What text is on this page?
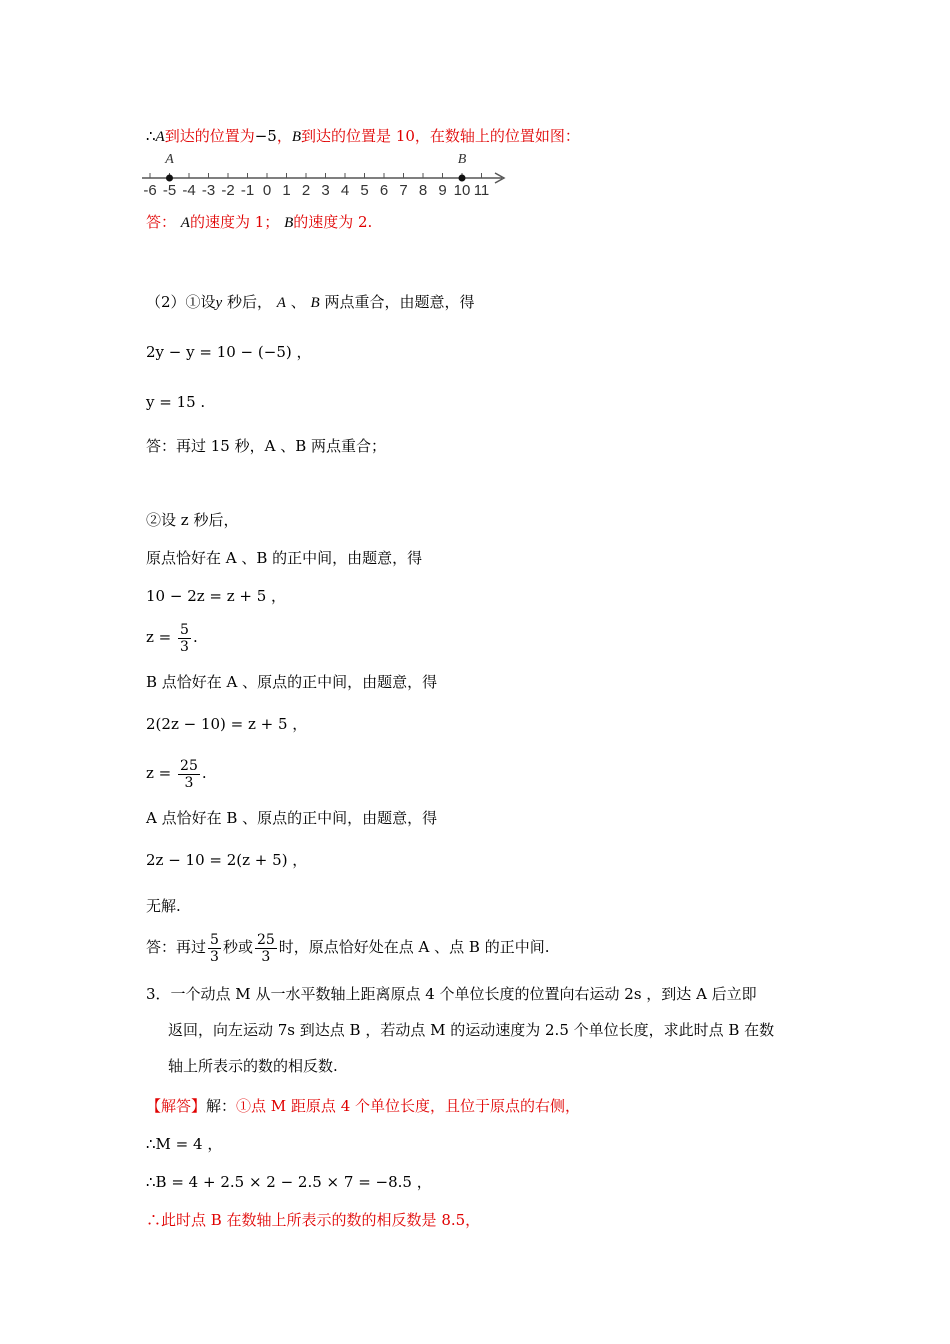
∴A到达的位置为−5，B到达的位置是 10，在数轴上的位置如图：
-6 -5 -4 -3 -2 -1 0 1 2 3 4 5 6 7 8 9 10 11
A	B
答： A的速度为 1； B的速度为 2.
（2）①设y 秒后， A 、 B 两点重合，由题意，得
2y − y = 10 − (−5) ，
y = 15 .
答：再过 15 秒，A 、B 两点重合；
②设 z 秒后，
原点恰好在 A 、B 的正中间，由题意，得
10 − 2z = z + 5 ，
$z = \frac{5}{3}$ .
B 点恰好在 A 、原点的正中间，由题意，得
2(2z − 10) = z + 5 ，
$z = \frac{25}{3}$ .
A 点恰好在 B 、原点的正中间，由题意，得
2z − 10 = 2(z + 5) ，
无解.
答：再过 $\frac{5}{3}$ 秒或 $\frac{25}{3}$ 时，原点恰好处在点 A 、点 B 的正中间.
3．一个动点 M 从一水平数轴上距离原点 4 个单位长度的位置向右运动 2s ，到达 A 后立即
返回，向左运动 7s 到达点 B ，若动点 M 的运动速度为 2.5 个单位长度，求此时点 B 在数
轴上所表示的数的相反数.
【解答】解：①点 M 距原点 4 个单位长度，且位于原点的右侧，
∴M = 4 ，
∴B = 4 + 2.5 × 2 − 2.5 × 7 = −8.5 ，
∴此时点 B 在数轴上所表示的数的相反数是 8.5，
